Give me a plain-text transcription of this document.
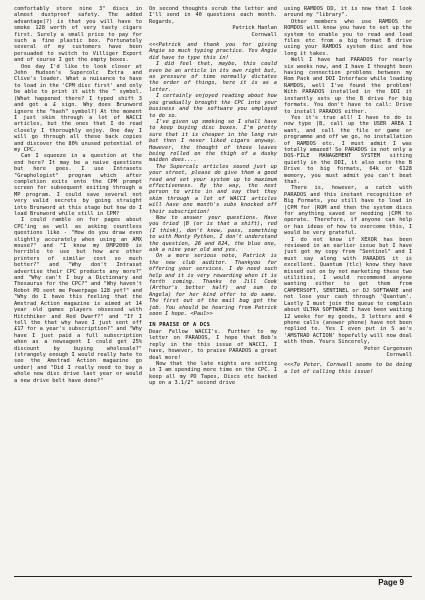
comfortably store nine 3" discs in almost dustproof safety. The added advantage(?) is that you will have to smoke 128 worth of very tasty cigars first. Surely a small price to pay for such a fine plastic box. Fortunately several of my customers have been persuaded to switch to Villiger Export and of course I get the empty boxes.

One day I'd like to look closer at John Hudson's Supercolc Extra and Clive's loader. What a nuisance to have to load in the 'CPM disc first' and only be able to print it with the ^ symbol. (What happened there? I typed shift 3 and got a £ sign. Why does Brunword ignore the "hash" symbol?) At the moment I just skim through a lot of WACCI articles, but the ones that I do read closely I thoroughly enjoy. One day I will go through all these back copies and discover the 80% unused potential of my CPC.

Can I squeeze in a question at the end here? It may be a naive questions but here goes. I use Intrasets "Graphologist" program which after completion exits onto the CPM prompt screen for subsequent exiting through a MP program. I could save several not very valid secrets by going straight into Brunword at this stage but how do I load Brunword while still in CPM?

I could ramble on for pages about CPC'ing as well as asking countless questions like - "How do you draw even slightly accurately when using an AMX mouse?" and "I know my DMP2000 is horrible to use but how are other printers of similar cost so much better?" and "Why don't Intrasat advertise their CPC products any more?" and "Why can't I buy a Dictionary and Thesaurus for the CPC?" and "Why haven't Robot PD sent me Powerpage 128 yet?" and "Why do I have this feeling that the Amstrad Action magazine is aimed at 14 year old games players obsessed with Hitchhiker and Red Dwarf?" and "If I tell the that why have I just sent off £17 for a year's subscription?" and "Why have I just paid a full subscription when as a newsagent I could get 25% discount by buying wholesale?" (strangely enough I would really hate to see the Amstrad Action magazine go under) and "Did I really need to buy a whole new disc drive last year or would a new drive belt have done?"

On second thoughts scrub the letter and I'll send in 40 questions each month. Regards,

Patrick Hanlan

Cornwall

<<<Patrick and thank you for giving Angie so much typing practice. Yes Angie did have to type this in!

I did feel that, maybe, this could even be an article in its own right but, as pressure of time normally dictates the order of things, here it is as a letter.

I certainly enjoyed reading about how you gradually brought the CPC into your business and the software you employed to do so.

I've given up smoking so I shall have to keep buying disc boxes. I'm pretty sure that it is cheaper in the long run but then I never liked cigars anyway. However, the thought of those leaves being rolled on the thigh of a dusky maiden does....

The Supercalc articles sound just up your street, please do give them a good read and set your system up to maximum effectiveness. By the way, the next person to write in and say that they skim through a lot of WACCI articles will have one month's subs knocked off their subscription!

Now to answer your questions. Have you tried |B (or is that a shift), red (I think), don't know, pass, something to with Monty Python, I don't understand the question, 26 and 824, the blue one, ask a nine year old and yes.

On a more serious note, Patrick is the new club auditor. Thankyou for offering your services. I do need such help and it is very rewarding when it is forth coming. Thanks to Jill Cook (Arthur's better half) and sum to Angela) for her kind offer to do same. The first out of the mail bag got the job. You should be hearing from Patrick soon I hope. <Paul>>

IN PRAISE OF A DCS

Dear Fellow WACCI's. Further to my letter on PARADOS, I hope that Bob's reply in the this issue of WACCI, I have, however, to praise PARADOS a great deal more!

Now that the late nights are setting in I am spending more time on the CPC. I keep all my PD Tapes, Discs etc backed up on a 3.1/2" second drive

using RAMDOS DD, it is now that I look around my "library".

Other members who use RAMDOS or ROMDOS will know you have to set up the system to enable you to read and load files etc from a big format B drive using your RAMDOS system disc and how long it takes.

Well I have had PARADOS for nearly six weeks now, and I have I thought been having connection problems between my Rom Pack and DDI Interface while loading RAMDOS, well I've found the problem! With PARADOS installed in the DDI it instantly sets up the B drive for big formats. You don't have to call: Drive to install PARADOS either.

Yes it's true all! I have to do is now type |B, call up the USER AREA I want, and call the file or game or programme and off we go, no installation of RAMDOS etc. I must admit I was totally amazed! So PARADOS is not only a DOS-FILE MANAGEMENT SYSTEM sitting quietly in the DDI, it also sets the B Drive to big formats, 64k or 6128 memory, you must admit you can't beat that.

There is, however, a catch with PARADOS and this instant recognition of Big Formats, you still have to load in |CPM for |ROM and then the system discs for anything saved or needing |CPM to operate. Therefore, if anyone can help or has ideas of how to overcome this, I would be very grateful.

I do not know if XEXOR has been reviewed in an earlier issue but I have just got my copy from "Sentinel" and I must say along with PARADOS it is excellent. Quantum (tlc) know they have missed out on by not marketing these two utilities, I would recommend anyone wanting either to get them from CAMPERSOFT, SENTINEL or DJ SOFTWARE and not lose your cash through 'Quantum'. Lastly I must join the queue to complain about ULTRA SOFTWARE I have been waiting 12 weeks for my goods, 3 letters and 4 phone calls (answer phone) have not been replied to. Yes I even put in S ae's 'AMSTRAD ACTION' hopefully will now deal with them. Yours Sincerely,

Peter Curgenven

Cornwall

<<<To Peter, Cornwall seems to be doing a lot of calling this issue!

Page 9
